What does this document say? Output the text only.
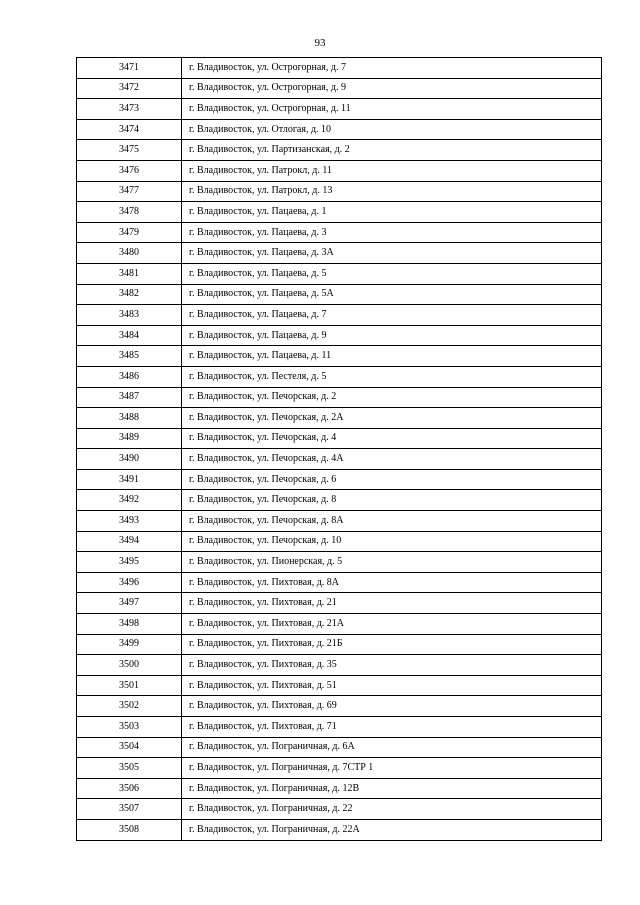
93
3471	г. Владивосток, ул. Острогорная, д. 7
3472	г. Владивосток, ул. Острогорная, д. 9
3473	г. Владивосток, ул. Острогорная, д. 11
3474	г. Владивосток, ул. Отлогая, д. 10
3475	г. Владивосток, ул. Партизанская, д. 2
3476	г. Владивосток, ул. Патрокл, д. 11
3477	г. Владивосток, ул. Патрокл, д. 13
3478	г. Владивосток, ул. Пацаева, д. 1
3479	г. Владивосток, ул. Пацаева, д. 3
3480	г. Владивосток, ул. Пацаева, д. 3А
3481	г. Владивосток, ул. Пацаева, д. 5
3482	г. Владивосток, ул. Пацаева, д. 5А
3483	г. Владивосток, ул. Пацаева, д. 7
3484	г. Владивосток, ул. Пацаева, д. 9
3485	г. Владивосток, ул. Пацаева, д. 11
3486	г. Владивосток, ул. Пестеля, д. 5
3487	г. Владивосток, ул. Печорская, д. 2
3488	г. Владивосток, ул. Печорская, д. 2А
3489	г. Владивосток, ул. Печорская, д. 4
3490	г. Владивосток, ул. Печорская, д. 4А
3491	г. Владивосток, ул. Печорская, д. 6
3492	г. Владивосток, ул. Печорская, д. 8
3493	г. Владивосток, ул. Печорская, д. 8А
3494	г. Владивосток, ул. Печорская, д. 10
3495	г. Владивосток, ул. Пионерская, д. 5
3496	г. Владивосток, ул. Пихтовая, д. 8А
3497	г. Владивосток, ул. Пихтовая, д. 21
3498	г. Владивосток, ул. Пихтовая, д. 21А
3499	г. Владивосток, ул. Пихтовая, д. 21Б
3500	г. Владивосток, ул. Пихтовая, д. 35
3501	г. Владивосток, ул. Пихтовая, д. 51
3502	г. Владивосток, ул. Пихтовая, д. 69
3503	г. Владивосток, ул. Пихтовая, д. 71
3504	г. Владивосток, ул. Пограничная, д. 6А
3505	г. Владивосток, ул. Пограничная, д. 7СТР 1
3506	г. Владивосток, ул. Пограничная, д. 12В
3507	г. Владивосток, ул. Пограничная, д. 22
3508	г. Владивосток, ул. Пограничная, д. 22А
